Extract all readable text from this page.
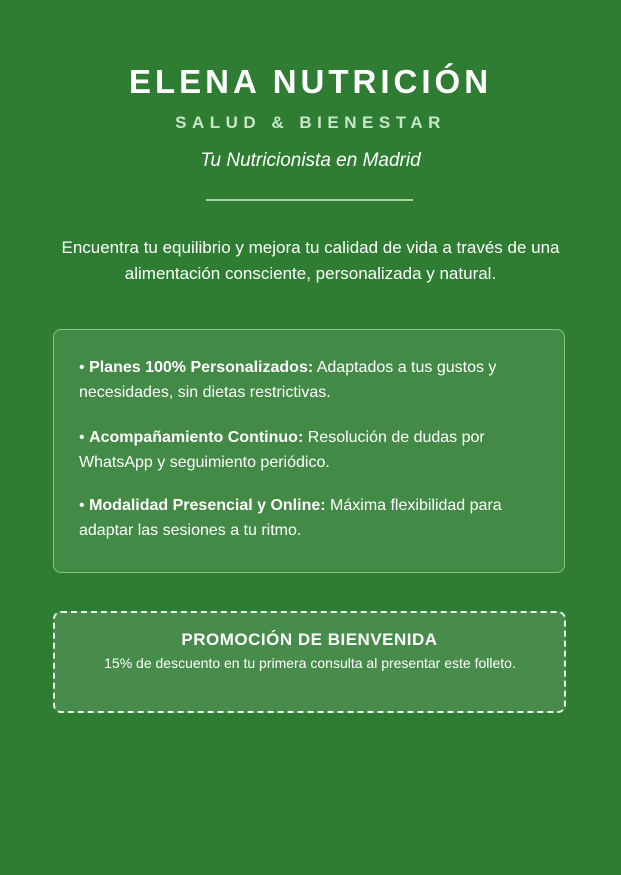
ELENA NUTRICIÓN
SALUD & BIENESTAR
Tu Nutricionista en Madrid
Encuentra tu equilibrio y mejora tu calidad de vida a través de una alimentación consciente, personalizada y natural.
• Planes 100% Personalizados: Adaptados a tus gustos y necesidades, sin dietas restrictivas.
• Acompañamiento Continuo: Resolución de dudas por WhatsApp y seguimiento periódico.
• Modalidad Presencial y Online: Máxima flexibilidad para adaptar las sesiones a tu ritmo.
PROMOCIÓN DE BIENVENIDA
15% de descuento en tu primera consulta al presentar este folleto.
